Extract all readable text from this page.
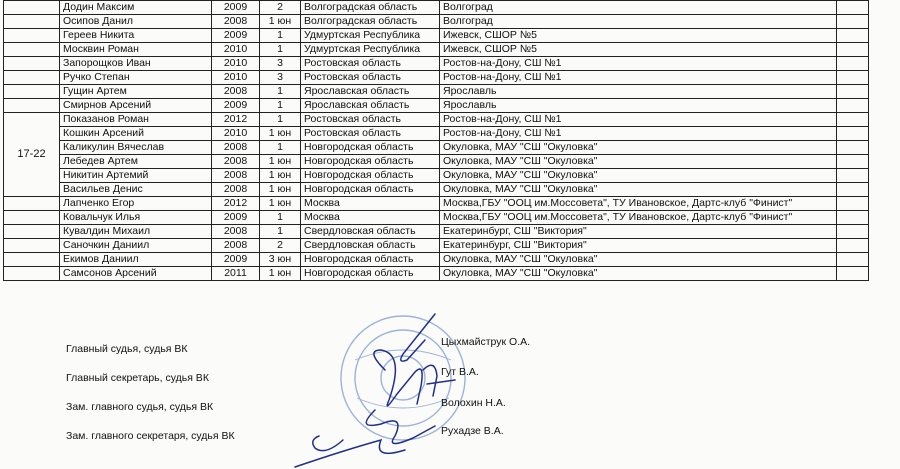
	Додин Максим	2009	2	Волгоградская область	Волгоград	
	Осипов Данил	2008	1 юн	Волгоградская область	Волгоград	
	Гереев Никита	2009	1	Удмуртская Республика	Ижевск, СШОР №5	
	Москвин Роман	2010	1	Удмуртская Республика	Ижевск, СШОР №5	
	Запорощков Иван	2010	3	Ростовская область	Ростов-на-Дону, СШ №1	
	Ручко Степан	2010	3	Ростовская область	Ростов-на-Дону, СШ №1	
	Гущин Артем	2008	1	Ярославская область	Ярославль	
	Смирнов Арсений	2009	1	Ярославская область	Ярославль	
17-22	Показанов Роман	2012	1	Ростовская область	Ростов-на-Дону, СШ №1	
	Кошкин Арсений	2010	1 юн	Ростовская область	Ростов-на-Дону, СШ №1	
	Каликулин Вячеслав	2008	1	Новгородская область	Окуловка, МАУ "СШ "Окуловка"	
	Лебедев Артем	2008	1 юн	Новгородская область	Окуловка, МАУ "СШ "Окуловка"	
	Никитин Артемий	2008	1 юн	Новгородская область	Окуловка, МАУ "СШ "Окуловка"	
	Васильев Денис	2008	1 юн	Новгородская область	Окуловка, МАУ "СШ "Окуловка"	
	Лапченко Егор	2012	1 юн	Москва	Москва,ГБУ "ООЦ им.Моссовета", ТУ Ивановское, Дартс-клуб "Финист"	
	Ковальчук Илья	2009	1	Москва	Москва,ГБУ "ООЦ им.Моссовета", ТУ Ивановское, Дартс-клуб "Финист"	
	Кувалдин Михаил	2008	1	Свердловская область	Екатеринбург, СШ "Виктория"	
	Саночкин Даниил	2008	2	Свердловская область	Екатеринбург, СШ "Виктория"	
	Екимов Даниил	2009	3 юн	Новгородская область	Окуловка, МАУ "СШ "Окуловка"	
	Самсонов Арсений	2011	1 юн	Новгородская область	Окуловка, МАУ "СШ "Окуловка"	
Главный судья, судья ВК
Главный секретарь, судья ВК
Зам. главного судья, судья ВК
Зам. главного секретаря, судья ВК
Цыхмайструк О.А.
Гут В.А.
Волохин Н.А.
Рухадзе В.А.
